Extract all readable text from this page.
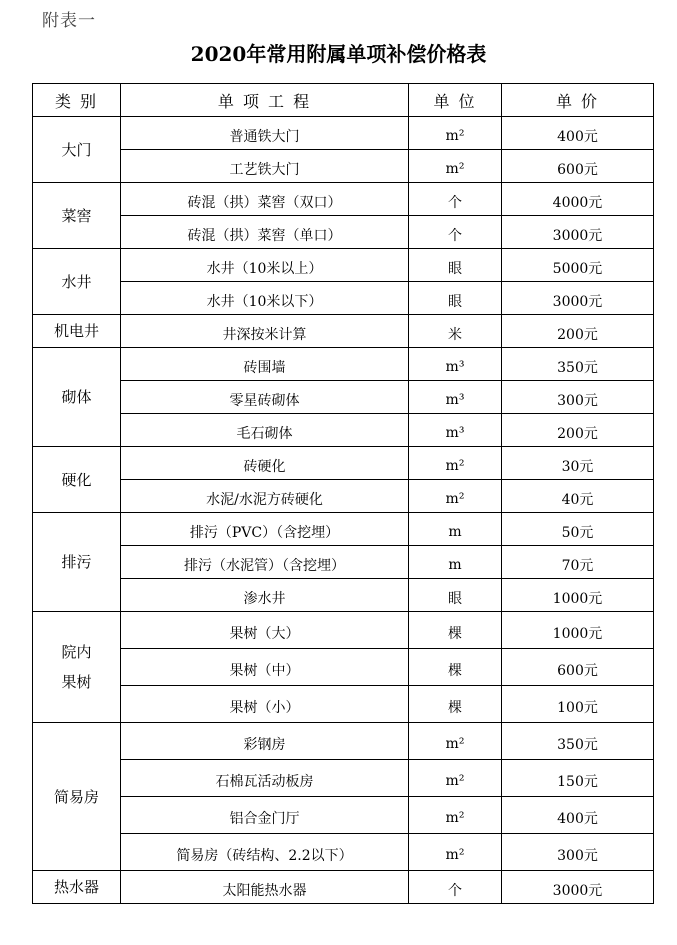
附表一
2020年常用附属单项补偿价格表
类 别	单 项 工 程	单 位	单 价
大门	普通铁大门	m²	400元
	工艺铁大门	m²	600元
菜窖	砖混（拱）菜窖（双口）	个	4000元
	砖混（拱）菜窖（单口）	个	3000元
水井	水井（10米以上）	眼	5000元
	水井（10米以下）	眼	3000元
机电井	井深按米计算	米	200元
砌体	砖围墙	m³	350元
	零星砖砌体	m³	300元
	毛石砌体	m³	200元
硬化	砖硬化	m²	30元
	水泥/水泥方砖硬化	m²	40元
排污	排污（PVC）（含挖埋）	m	50元
	排污（水泥管）（含挖埋）	m	70元
	渗水井	眼	1000元
院内果树	果树（大）	棵	1000元
	果树（中）	棵	600元
	果树（小）	棵	100元
简易房	彩钢房	m²	350元
	石棉瓦活动板房	m²	150元
	铝合金门厅	m²	400元
	简易房（砖结构、2.2以下）	m²	300元
热水器	太阳能热水器	个	3000元
